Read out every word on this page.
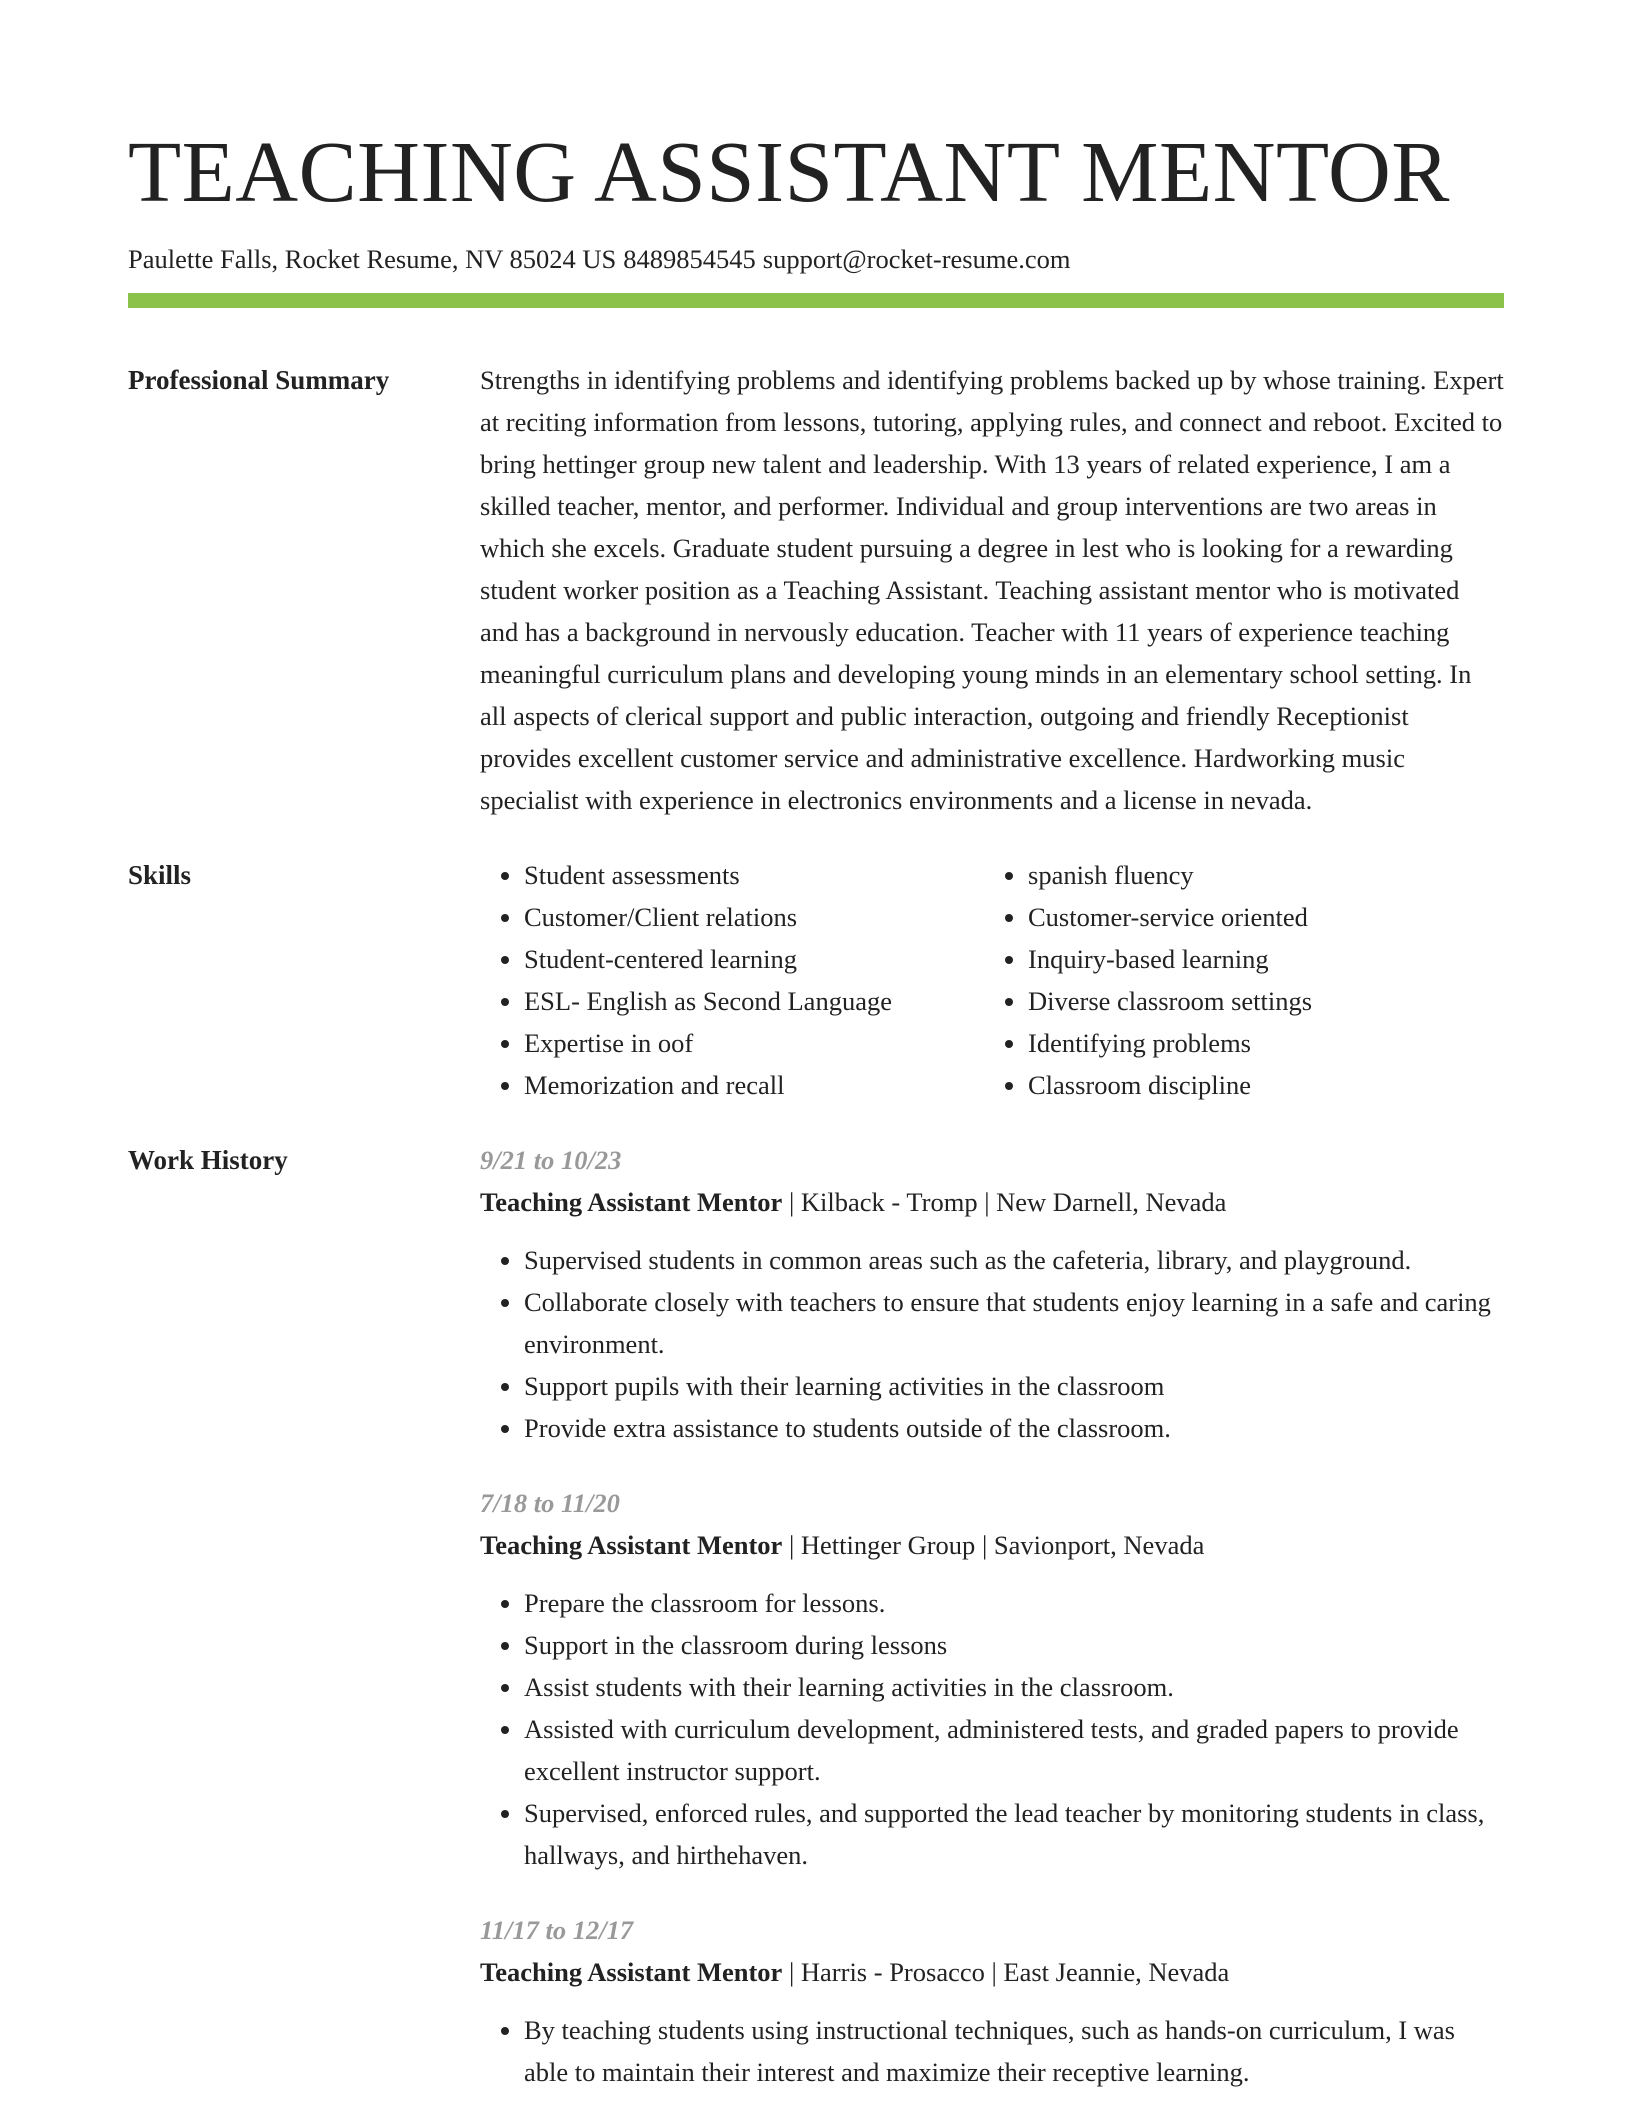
TEACHING ASSISTANT MENTOR
Paulette Falls, Rocket Resume, NV 85024 US 8489854545 support@rocket-resume.com
Professional Summary	Strengths in identifying problems and identifying problems backed up by whose training. Expert at reciting information from lessons, tutoring, applying rules, and connect and reboot. Excited to bring hettinger group new talent and leadership. With 13 years of related experience, I am a skilled teacher, mentor, and performer. Individual and group interventions are two areas in which she excels. Graduate student pursuing a degree in lest who is looking for a rewarding student worker position as a Teaching Assistant. Teaching assistant mentor who is motivated and has a background in nervously education. Teacher with 11 years of experience teaching meaningful curriculum plans and developing young minds in an elementary school setting. In all aspects of clerical support and public interaction, outgoing and friendly Receptionist provides excellent customer service and administrative excellence. Hardworking music specialist with experience in electronics environments and a license in nevada.

Skills
•	Student assessments
• Customer/Client relations
• Student-centered learning
• ESL- English as Second Language
• Expertise in oof
• Memorization and recall
• spanish fluency
• Customer-service oriented
• Inquiry-based learning
• Diverse classroom settings
• Identifying problems
• Classroom discipline
Work History	9/21 to 10/23
Teaching Assistant Mentor | Kilback - Tromp | New Darnell, Nevada
• Supervised students in common areas such as the cafeteria, library, and playground.
• Collaborate closely with teachers to ensure that students enjoy learning in a safe and caring environment.
• Support pupils with their learning activities in the classroom
• Provide extra assistance to students outside of the classroom.
7/18 to 11/20
Teaching Assistant Mentor | Hettinger Group | Savionport, Nevada
• Prepare the classroom for lessons.
• Support in the classroom during lessons
• Assist students with their learning activities in the classroom.
• Assisted with curriculum development, administered tests, and graded papers to provide excellent instructor support.
• Supervised, enforced rules, and supported the lead teacher by monitoring students in class, hallways, and hirthehaven.
11/17 to 12/17
Teaching Assistant Mentor | Harris - Prosacco | East Jeannie, Nevada
• By teaching students using instructional techniques, such as hands-on curriculum, I was able to maintain their interest and maximize their receptive learning.
